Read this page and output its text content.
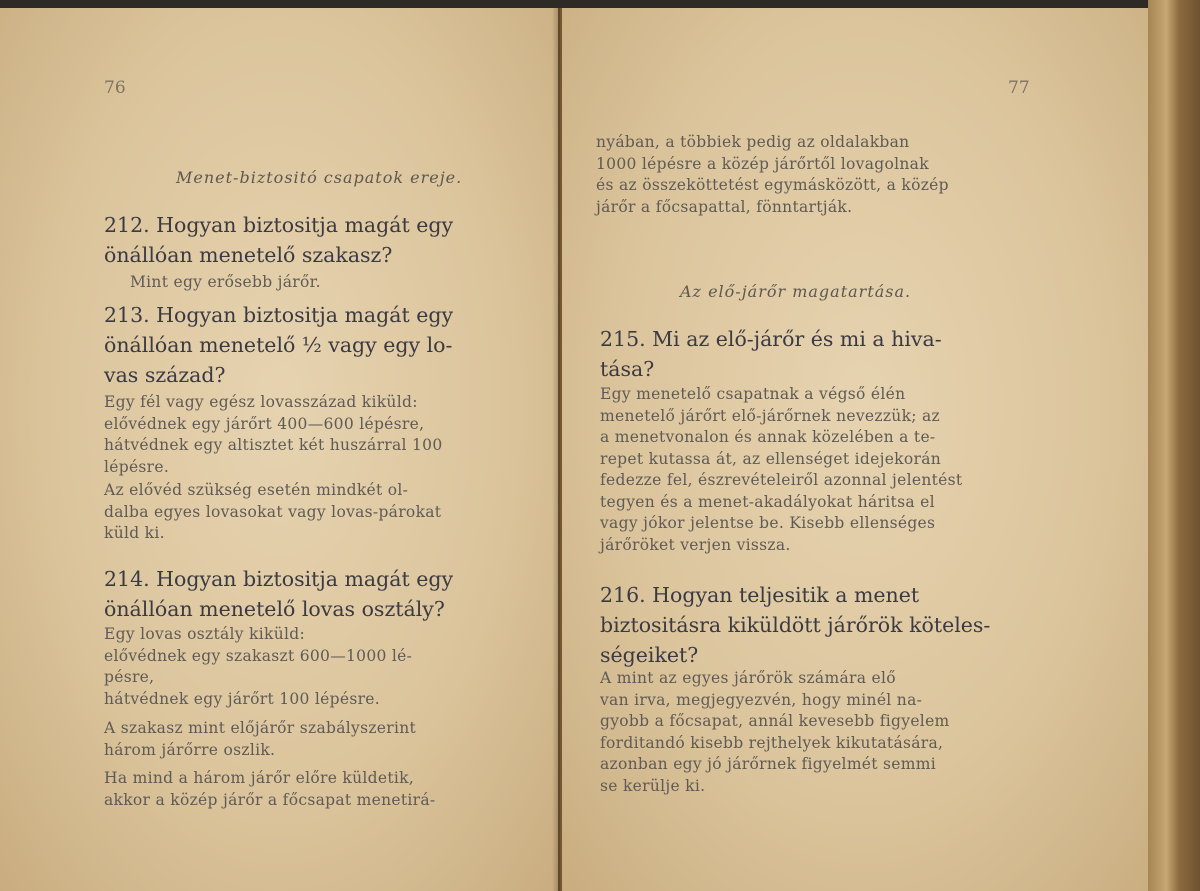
76
Menet-biztositó csapatok ereje.
212. Hogyan biztositja magát egy
önállóan menetelő szakasz?
Mint egy erősebb járőr.
213. Hogyan biztositja magát egy
önállóan menetelő ½ vagy egy lo-
vas század?
Egy fél vagy egész lovasszázad kiküld:
elővédnek egy járőrt 400—600 lépésre,
hátvédnek egy altisztet két huszárral 100
lépésre.
Az elővéd szükség esetén mindkét ol-
dalba egyes lovasokat vagy lovas-párokat
küld ki.
214. Hogyan biztositja magát egy
önállóan menetelő lovas osztály?
Egy lovas osztály kiküld:
elővédnek egy szakaszt 600—1000 lé-
pésre,
hátvédnek egy járőrt 100 lépésre.
A szakasz mint előjárőr szabályszerint
három járőrre oszlik.
Ha mind a három járőr előre küldetik,
akkor a közép járőr a főcsapat menetirá-
77
nyában, a többiek pedig az oldalakban
1000 lépésre a közép járőrtől lovagolnak
és az összeköttetést egymásközött, a közép
járőr a főcsapattal, fönntartják.
Az elő-járőr magatartása.
215. Mi az elő-járőr és mi a hiva-
tása?
Egy menetelő csapatnak a végső élén
menetelő járőrt elő-járőrnek nevezzük; az
a menetvonalon és annak közelében a te-
repet kutassa át, az ellenséget idejekorán
fedezze fel, észrevételeiről azonnal jelentést
tegyen és a menet-akadályokat háritsa el
vagy jókor jelentse be. Kisebb ellenséges
járőröket verjen vissza.
216. Hogyan teljesitik a menet
biztositásra kiküldött járőrök köteles-
ségeiket?
A mint az egyes járőrök számára elő
van irva, megjegyezvén, hogy minél na-
gyobb a főcsapat, annál kevesebb figyelem
forditandó kisebb rejthelyek kikutatására,
azonban egy jó járőrnek figyelmét semmi
se kerülje ki.
